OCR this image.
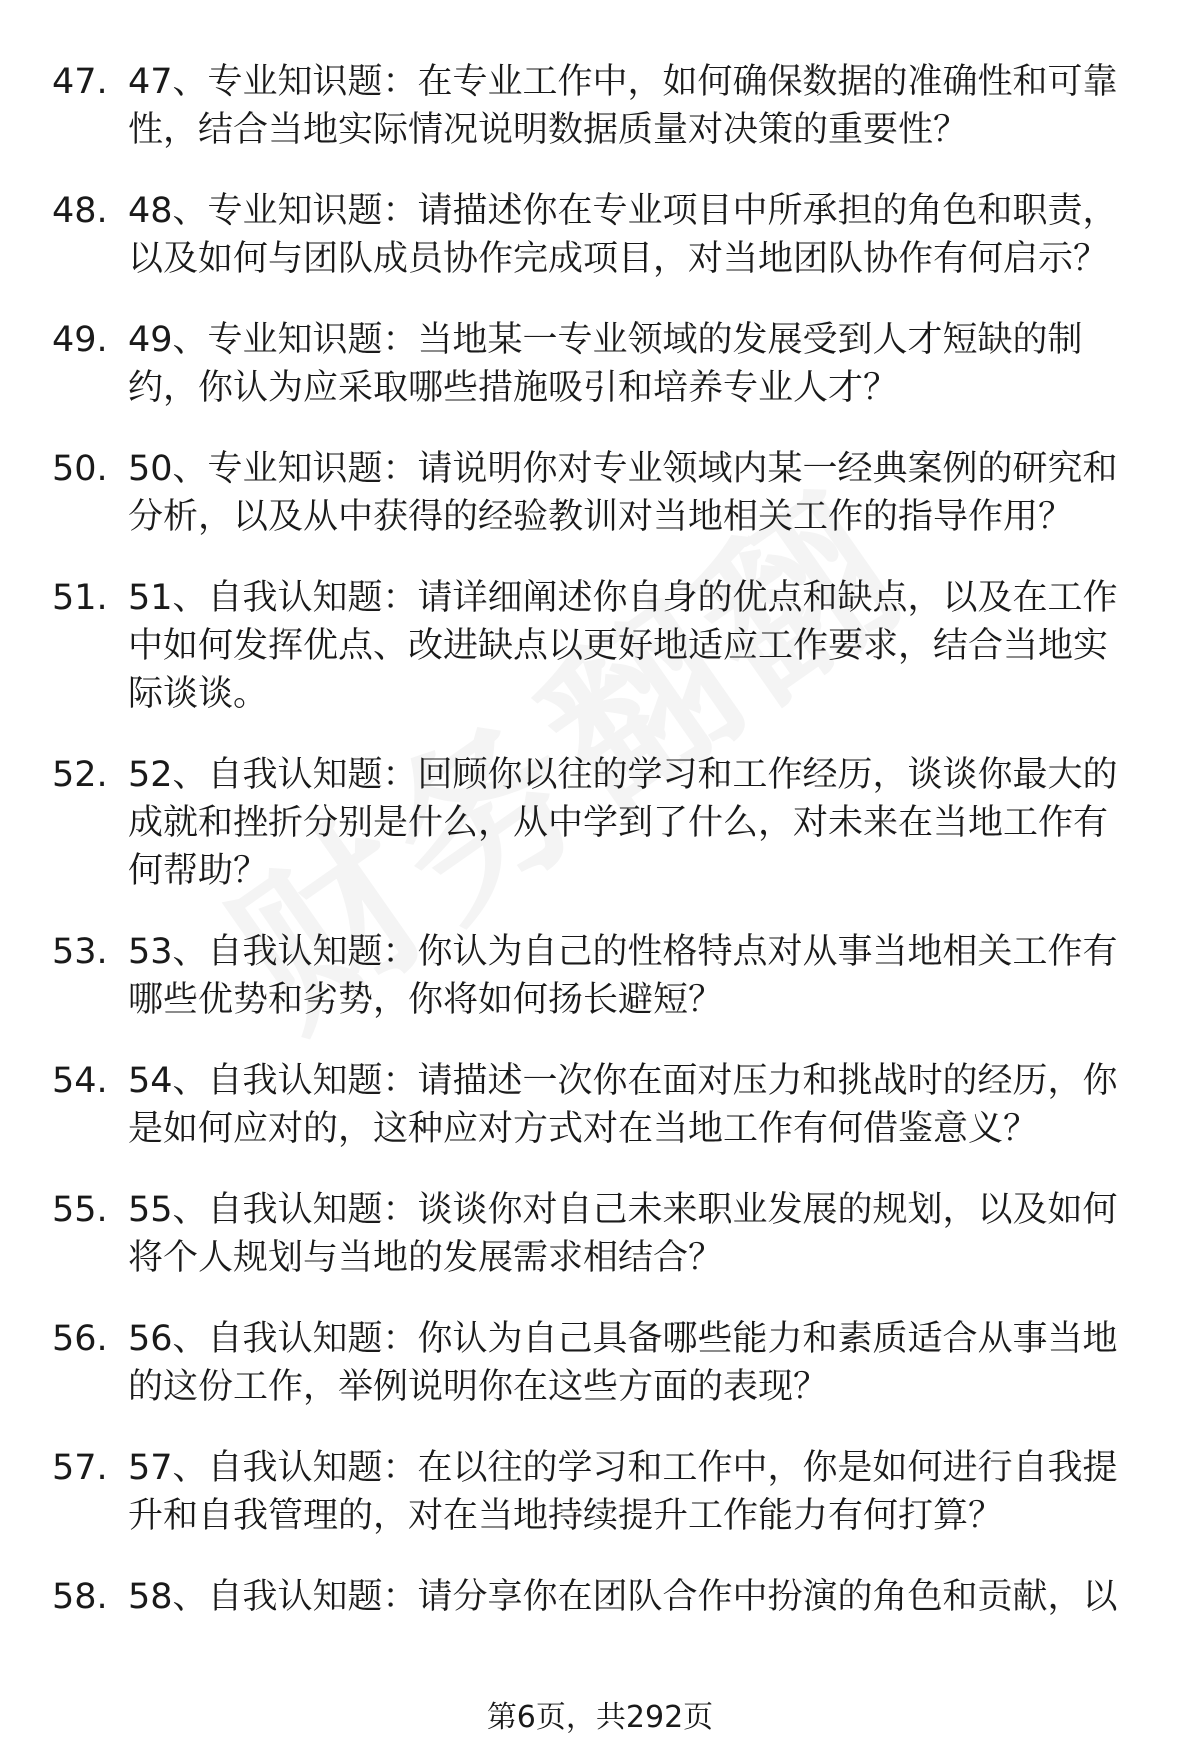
47. 47、专业知识题：在专业工作中，如何确保数据的准确性和可靠性，结合当地实际情况说明数据质量对决策的重要性？
48. 48、专业知识题：请描述你在专业项目中所承担的角色和职责，以及如何与团队成员协作完成项目，对当地团队协作有何启示？
49. 49、专业知识题：当地某一专业领域的发展受到人才短缺的制约，你认为应采取哪些措施吸引和培养专业人才？
50. 50、专业知识题：请说明你对专业领域内某一经典案例的研究和分析，以及从中获得的经验教训对当地相关工作的指导作用？
51. 51、自我认知题：请详细阐述你自身的优点和缺点，以及在工作中如何发挥优点、改进缺点以更好地适应工作要求，结合当地实际谈谈。
52. 52、自我认知题：回顾你以往的学习和工作经历，谈谈你最大的成就和挫折分别是什么，从中学到了什么，对未来在当地工作有何帮助？
53. 53、自我认知题：你认为自己的性格特点对从事当地相关工作有哪些优势和劣势，你将如何扬长避短？
54. 54、自我认知题：请描述一次你在面对压力和挑战时的经历，你是如何应对的，这种应对方式对在当地工作有何借鉴意义？
55. 55、自我认知题：谈谈你对自己未来职业发展的规划，以及如何将个人规划与当地的发展需求相结合？
56. 56、自我认知题：你认为自己具备哪些能力和素质适合从事当地的这份工作，举例说明你在这些方面的表现？
57. 57、自我认知题：在以往的学习和工作中，你是如何进行自我提升和自我管理的，对在当地持续提升工作能力有何打算？
58. 58、自我认知题：请分享你在团队合作中扮演的角色和贡献，以
第6页，共292页
